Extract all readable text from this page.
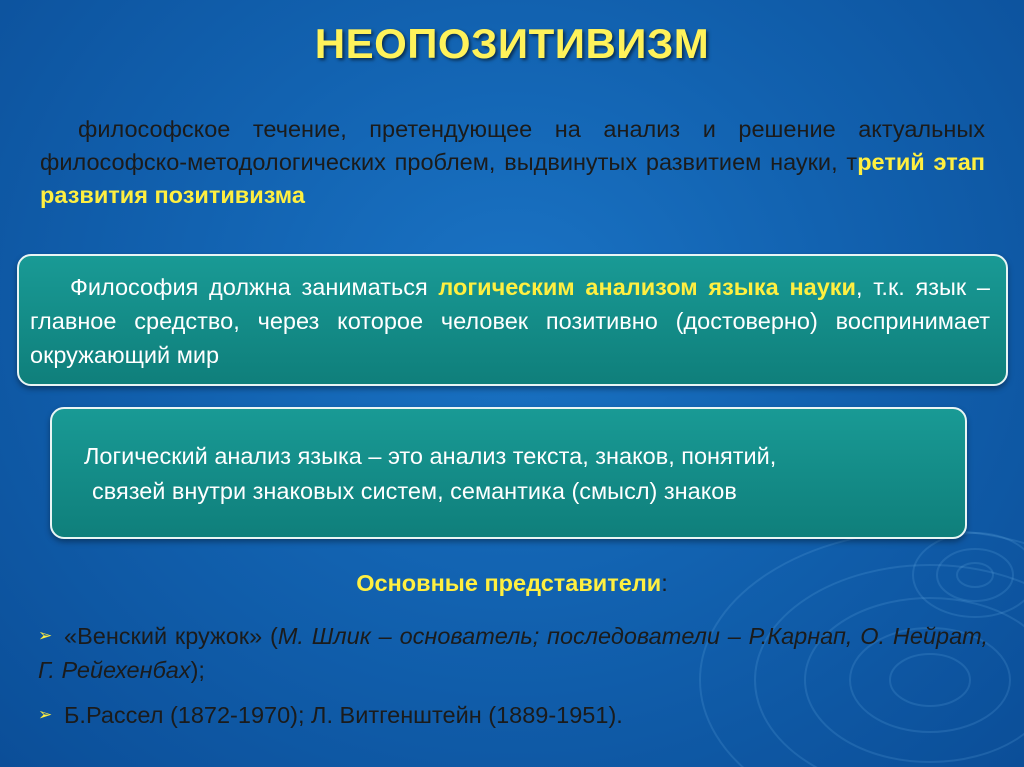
НЕОПОЗИТИВИЗМ
философское течение, претендующее на анализ и решение актуальных философско-методологических проблем, выдвинутых развитием науки, третий этап развития позитивизма
Философия должна заниматься логическим анализом языка науки, т.к. язык – главное средство, через которое человек позитивно (достоверно) воспринимает окружающий мир
Логический анализ языка – это анализ текста, знаков, понятий,
связей внутри знаковых систем, семантика (смысл) знаков
Основные представители:
➢ «Венский кружок» (М. Шлик – основатель; последователи – Р.Карнап, О. Нейрат, Г. Рейехенбах);
➢ Б.Рассел (1872-1970); Л. Витгенштейн (1889-1951).
